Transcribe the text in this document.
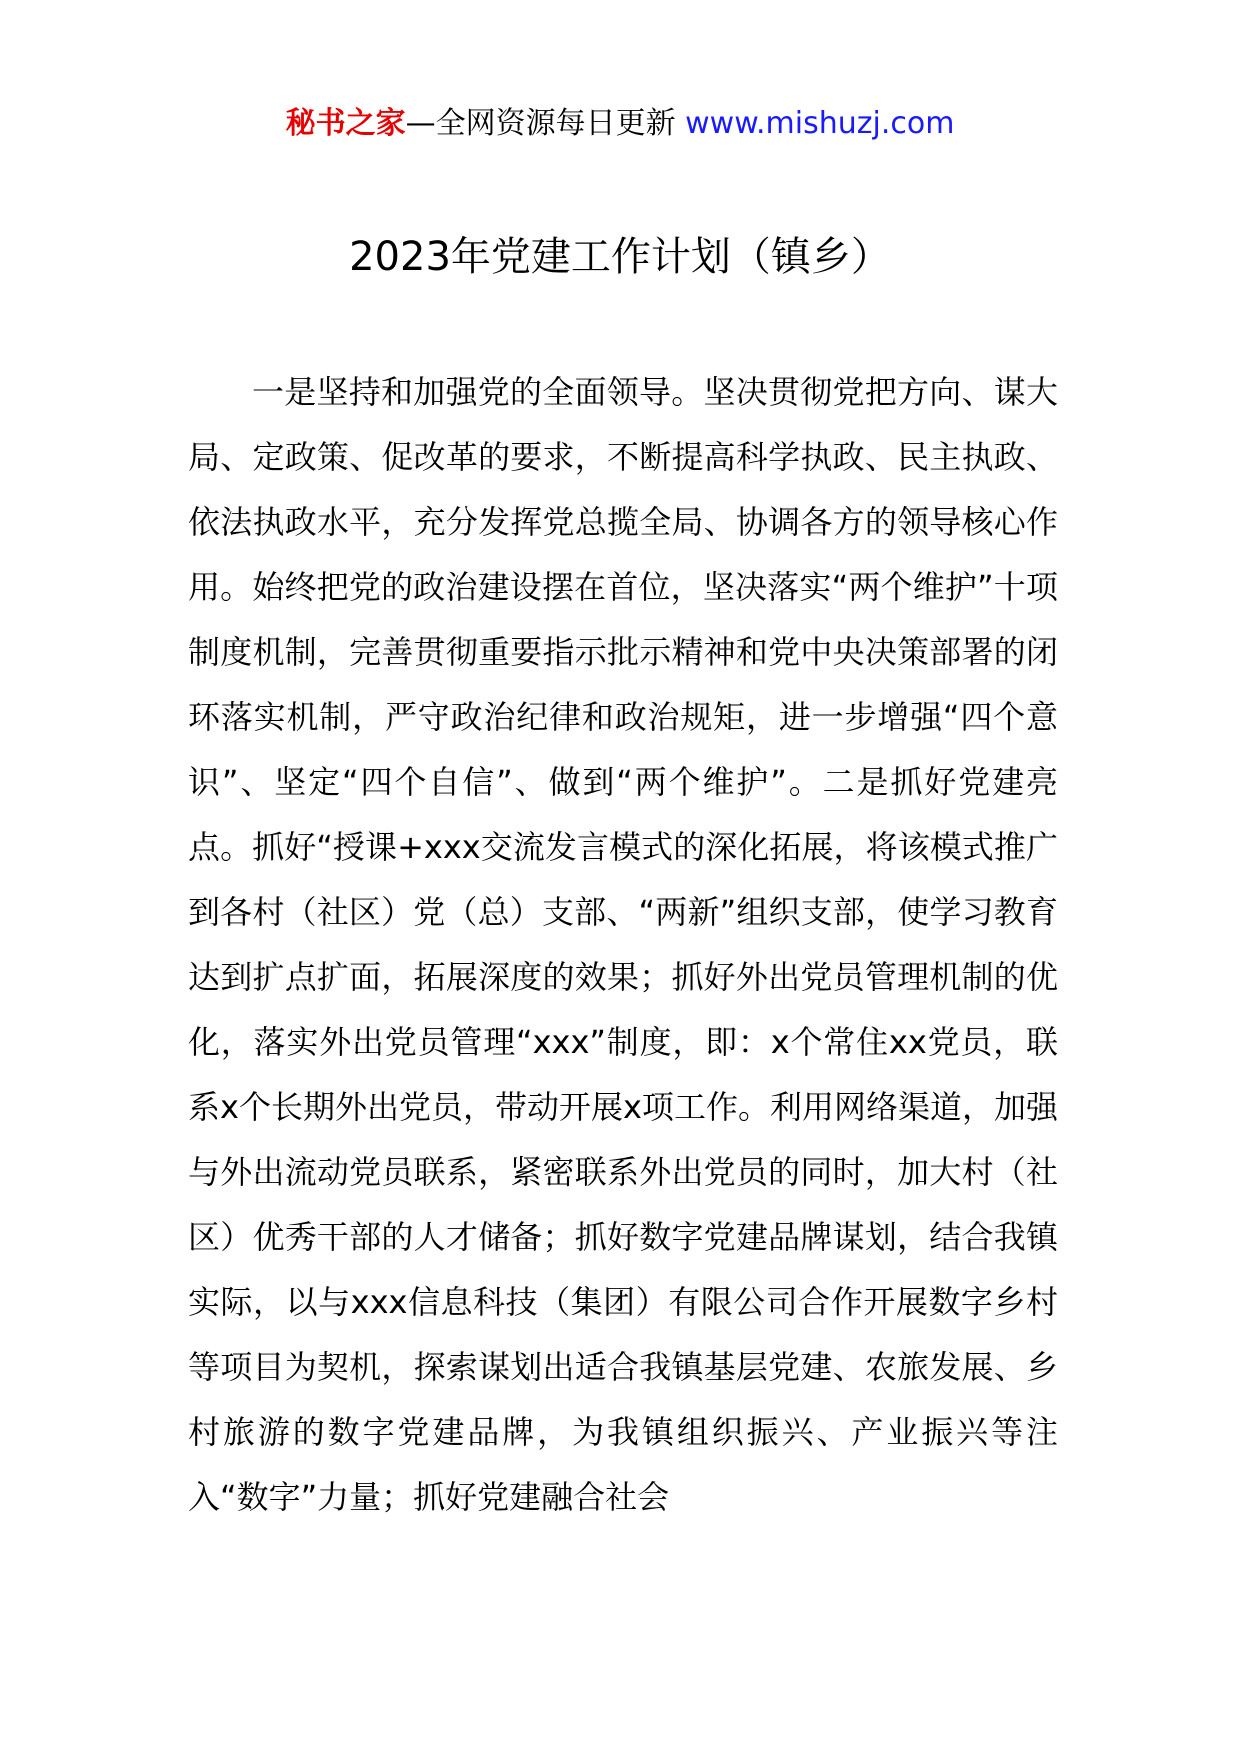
秘书之家—全网资源每日更新 www.mishuzj.com
2023年党建工作计划（镇乡）

一是坚持和加强党的全面领导。坚决贯彻党把方向、谋大局、定政策、促改革的要求，不断提高科学执政、民主执政、依法执政水平，充分发挥党总揽全局、协调各方的领导核心作用。始终把党的政治建设摆在首位，坚决落实“两个维护”十项制度机制，完善贯彻重要指示批示精神和党中央决策部署的闭环落实机制，严守政治纪律和政治规矩，进一步增强“四个意识”、坚定“四个自信”、做到“两个维护”。二是抓好党建亮点。抓好“授课+xxx交流发言模式的深化拓展，将该模式推广到各村（社区）党（总）支部、“两新”组织支部，使学习教育达到扩点扩面，拓展深度的效果；抓好外出党员管理机制的优化，落实外出党员管理“xxx”制度，即：x个常住xx党员，联系x个长期外出党员，带动开展x项工作。利用网络渠道，加强与外出流动党员联系，紧密联系外出党员的同时，加大村（社区）优秀干部的人才储备；抓好数字党建品牌谋划，结合我镇实际，以与xxx信息科技（集团）有限公司合作开展数字乡村等项目为契机，探索谋划出适合我镇基层党建、农旅发展、乡村旅游的数字党建品牌，为我镇组织振兴、产业振兴等注入“数字”力量；抓好党建融合社会
